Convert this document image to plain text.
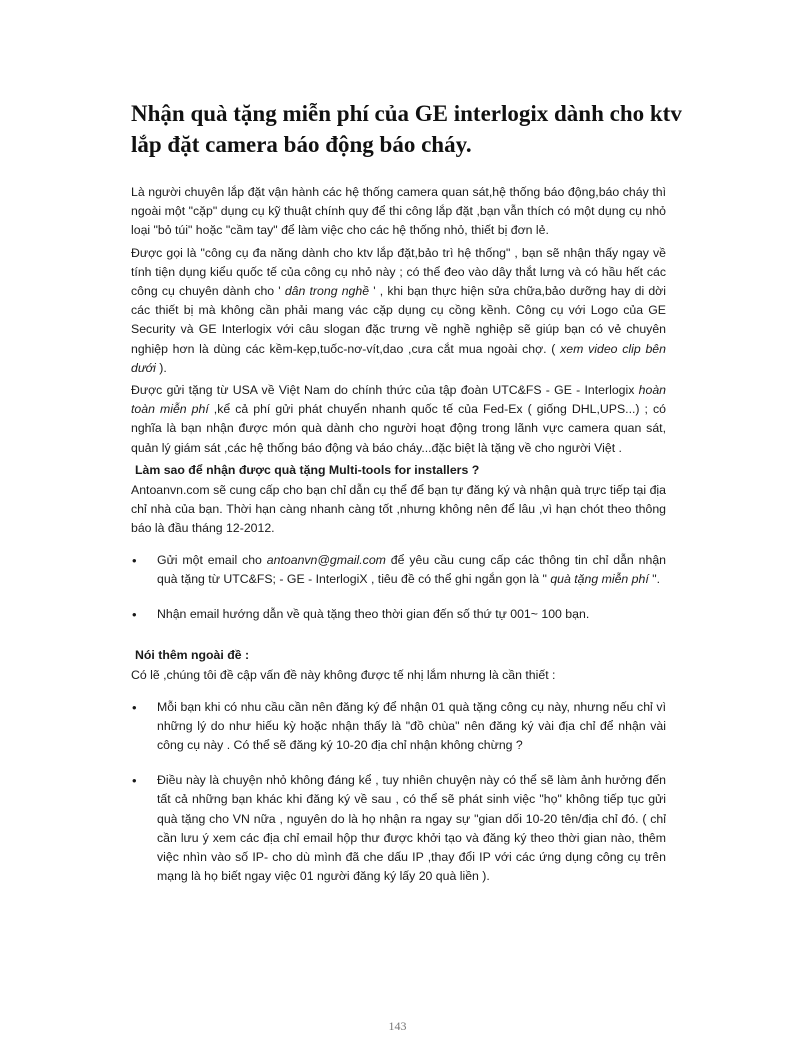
Nhận quà tặng miễn phí của GE interlogix dành cho ktv lắp đặt camera báo động báo cháy.

Là người chuyên lắp đặt vận hành các hệ thống camera quan sát,hệ thống báo động,báo cháy thì ngoài một "cặp" dụng cụ kỹ thuật chính quy để thi công lắp đặt ,bạn vẫn thích có một dụng cụ nhỏ loại "bỏ túi" hoặc "cầm tay" để làm việc cho các hệ thống nhỏ, thiết bị đơn lẻ.

Được gọi là "công cụ đa năng dành cho ktv lắp đặt,bảo trì hệ thống" , bạn sẽ nhận thấy ngay về tính tiện dụng kiểu quốc tế của công cụ nhỏ này ; có thể đeo vào dây thắt lưng và có hầu hết các công cụ chuyên dành cho ' dân trong nghề ' , khi bạn thực hiện sửa chữa,bảo dưỡng hay di dời các thiết bị mà không cần phải mang vác cặp dụng cụ cồng kềnh. Công cụ với Logo của GE Security và GE Interlogix với câu slogan đặc trưng về nghề nghiệp sẽ giúp bạn có vẻ chuyên nghiệp hơn là dùng các kềm-kẹp,tuốc-nơ-vít,dao ,cưa cắt mua ngoài chợ. ( xem video clip bên dưới ).

Được gửi tặng từ USA về Việt Nam do chính thức của tập đoàn UTC&FS - GE - Interlogix hoàn toàn miễn phí ,kể cả phí gửi phát chuyển nhanh quốc tế của Fed-Ex ( giống DHL,UPS...) ; có nghĩa là bạn nhận được món quà dành cho người hoạt động trong lãnh vực camera quan sát, quản lý giám sát ,các hệ thống báo động và báo cháy...đặc biệt là tặng về cho người Việt .

Làm sao để nhận được quà tặng Multi-tools for installers ?

Antoanvn.com sẽ cung cấp cho bạn chỉ dẫn cụ thể để bạn tự đăng ký và nhận quà trực tiếp tại địa chỉ nhà của bạn. Thời hạn càng nhanh càng tốt ,nhưng không nên để lâu ,vì hạn chót theo thông báo là đầu tháng 12-2012.

• Gửi một email cho antoanvn@gmail.com để yêu cầu cung cấp các thông tin chỉ dẫn nhận quà tặng từ UTC&FS; - GE - InterlogiX , tiêu đề có thể ghi ngắn gọn là " quà tặng miễn phí ".
• Nhận email hướng dẫn về quà tặng theo thời gian đến số thứ tự 001~ 100 bạn.

Nói thêm ngoài đề :

Có lẽ ,chúng tôi đề cập vấn đề này không được tế nhị lắm nhưng là cần thiết :

• Mỗi bạn khi có nhu cầu cần nên đăng ký để nhận 01 quà tặng công cụ này, nhưng nếu chỉ vì những lý do như hiếu kỳ hoặc nhận thấy là "đồ chùa" nên đăng ký vài địa chỉ để nhận vài công cụ này . Có thể sẽ đăng ký 10-20 địa chỉ nhận không chừng ?
• Điều này là chuyện nhỏ không đáng kể , tuy nhiên chuyện này có thể sẽ làm ảnh hưởng đến tất cả những bạn khác khi đăng ký về sau , có thể sẽ phát sinh việc "họ" không tiếp tục gửi quà tặng cho VN nữa , nguyên do là họ nhận ra ngay sự "gian dối 10-20 tên/địa chỉ đó. ( chỉ cần lưu ý xem các địa chỉ email hộp thư được khởi tạo và đăng ký theo thời gian nào, thêm việc nhìn vào số IP- cho dù mình đã che dấu IP ,thay đổi IP với các ứng dụng công cụ trên mạng là họ biết ngay việc 01 người đăng ký lấy 20 quà liền ).
143
